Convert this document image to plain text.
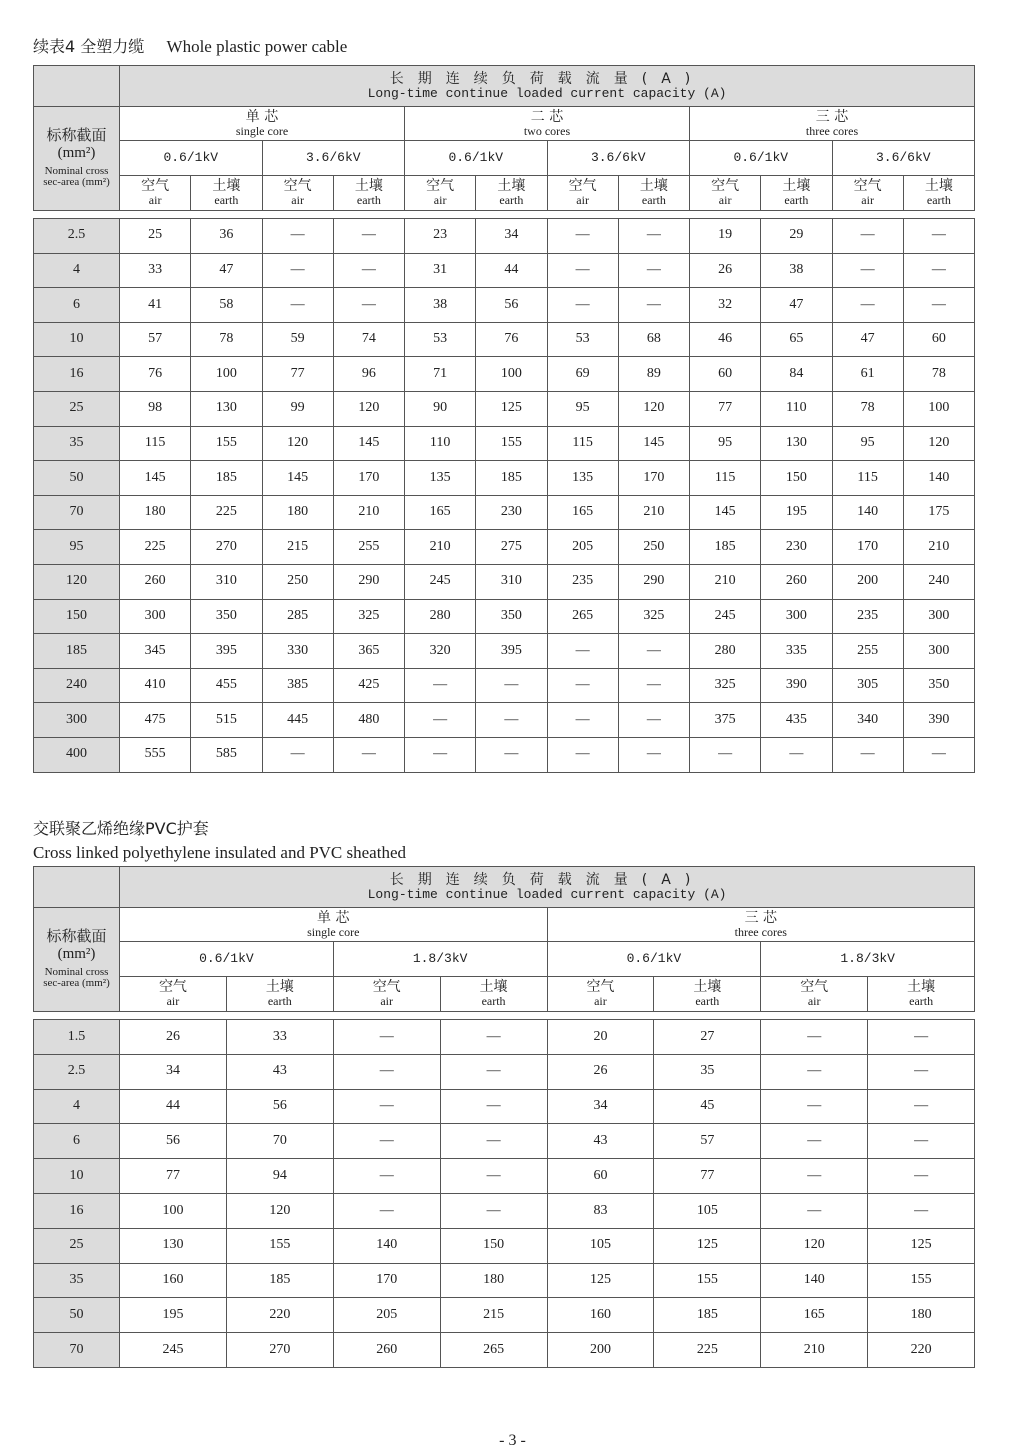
续表4 全塑力缆 Whole plastic power cable

	长期连续负荷载流量(A)
Long-time continue loaded current capacity (A)											

标称截面
(mm²)
Nominal cross
sec-area (mm²)	单 芯
single core				二 芯
two cores				三 芯
three cores			

	0.6/1kV		3.6/6kV		0.6/1kV		3.6/6kV		0.6/1kV		3.6/6kV	

	空气
air	土壤
earth	空气
air	土壤
earth	空气
air	土壤
earth	空气
air	土壤
earth	空气
air	土壤
earth	空气
air	土壤
earth

2.5	25	36	—	—	23	34	—	—	19	29	—	—
4	33	47	—	—	31	44	—	—	26	38	—	—
6	41	58	—	—	38	56	—	—	32	47	—	—
10	57	78	59	74	53	76	53	68	46	65	47	60
16	76	100	77	96	71	100	69	89	60	84	61	78
25	98	130	99	120	90	125	95	120	77	110	78	100
35	115	155	120	145	110	155	115	145	95	130	95	120
50	145	185	145	170	135	185	135	170	115	150	115	140
70	180	225	180	210	165	230	165	210	145	195	140	175
95	225	270	215	255	210	275	205	250	185	230	170	210
120	260	310	250	290	245	310	235	290	210	260	200	240
150	300	350	285	325	280	350	265	325	245	300	235	300
185	345	395	330	365	320	395	—	—	280	335	255	300
240	410	455	385	425	—	—	—	—	325	390	305	350
300	475	515	445	480	—	—	—	—	375	435	340	390
400	555	585	—	—	—	—	—	—	—	—	—	—
交联聚乙烯绝缘PVC护套
Cross linked polyethylene insulated and PVC sheathed

	长期连续负荷载流量(A)
Long-time continue loaded current capacity (A)							

标称截面
(mm²)
Nominal cross
sec-area (mm²)	单 芯
single core				三 芯
three cores			

	0.6/1kV		1.8/3kV		0.6/1kV		1.8/3kV	

	空气
air	土壤
earth	空气
air	土壤
earth	空气
air	土壤
earth	空气
air	土壤
earth

1.5	26	33	—	—	20	27	—	—
2.5	34	43	—	—	26	35	—	—
4	44	56	—	—	34	45	—	—
6	56	70	—	—	43	57	—	—
10	77	94	—	—	60	77	—	—
16	100	120	—	—	83	105	—	—
25	130	155	140	150	105	125	120	125
35	160	185	170	180	125	155	140	155
50	195	220	205	215	160	185	165	180
70	245	270	260	265	200	225	210	220
- 3 -
